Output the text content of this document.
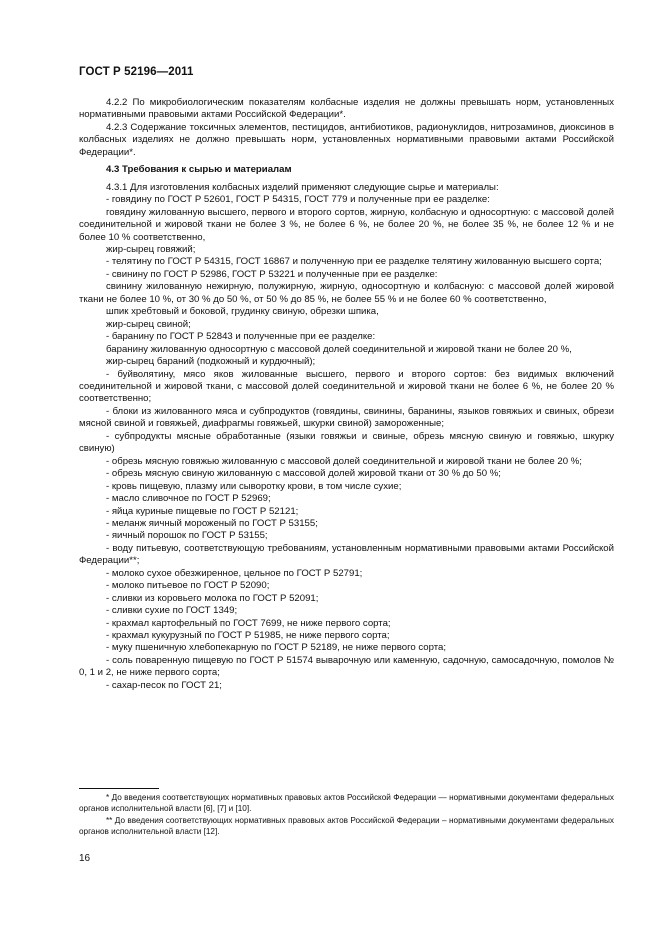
ГОСТ Р 52196—2011

4.2.2 По микробиологическим показателям колбасные изделия не должны превышать норм, установленных нормативными правовыми актами Российской Федерации*.

4.2.3 Содержание токсичных элементов, пестицидов, антибиотиков, радионуклидов, нитрозаминов, диоксинов в колбасных изделиях не должно превышать норм, установленных нормативными правовыми актами Российской Федерации*.

4.3 Требования к сырью и материалам

4.3.1 Для изготовления колбасных изделий применяют следующие сырье и материалы:

- говядину по ГОСТ Р 52601, ГОСТ Р 54315, ГОСТ 779 и полученные при ее разделке:

говядину жилованную высшего, первого и второго сортов, жирную, колбасную и односортную: с массовой долей соединительной и жировой ткани не более 3 %, не более 6 %, не более 20 %, не более 35 %, не более 12 % и не более 10 % соответственно,

жир-сырец говяжий;

- телятину по ГОСТ Р 54315, ГОСТ 16867 и полученную при ее разделке телятину жилованную высшего сорта;

- свинину по ГОСТ Р 52986, ГОСТ Р 53221 и полученные при ее разделке:

свинину жилованную нежирную, полужирную, жирную, односортную и колбасную: с массовой долей жировой ткани не более 10 %, от 30 % до 50 %, от 50 % до 85 %, не более 55 % и не более 60 % соответственно,

шпик хребтовый и боковой, грудинку свиную, обрезки шпика,

жир-сырец свиной;

- баранину по ГОСТ Р 52843 и полученные при ее разделке:

баранину жилованную односортную с массовой долей соединительной и жировой ткани не более 20 %,

жир-сырец бараний (подкожный и курдючный);

- буйволятину, мясо яков жилованные высшего, первого и второго сортов: без видимых включений соединительной и жировой ткани, с массовой долей соединительной и жировой ткани не более 6 %, не более 20 % соответственно;

- блоки из жилованного мяса и субпродуктов (говядины, свинины, баранины, языков говяжьих и свиных, обрези мясной свиной и говяжьей, диафрагмы говяжьей, шкурки свиной) замороженные;

- субпродукты мясные обработанные (языки говяжьи и свиные, обрезь мясную свиную и говяжью, шкурку свиную)

- обрезь мясную говяжью жилованную с массовой долей соединительной и жировой ткани не более 20 %;

- обрезь мясную свиную жилованную с массовой долей жировой ткани от 30 % до 50 %;

- кровь пищевую, плазму или сыворотку крови, в том числе сухие;

- масло сливочное по ГОСТ Р 52969;

- яйца куриные пищевые по ГОСТ Р 52121;

- меланж яичный мороженый по ГОСТ Р 53155;

- яичный порошок по ГОСТ Р 53155;

- воду питьевую, соответствующую требованиям, установленным нормативными правовыми актами Российской Федерации**;

- молоко сухое обезжиренное, цельное по ГОСТ Р 52791;

- молоко питьевое по ГОСТ Р 52090;

- сливки из коровьего молока по ГОСТ Р 52091;

- сливки сухие по ГОСТ 1349;

- крахмал картофельный по ГОСТ 7699, не ниже первого сорта;

- крахмал кукурузный по ГОСТ Р 51985, не ниже первого сорта;

- муку пшеничную хлебопекарную по ГОСТ Р 52189, не ниже первого сорта;

- соль поваренную пищевую по ГОСТ Р 51574 выварочную или каменную, садочную, самосадочную, помолов № 0, 1 и 2, не ниже первого сорта;

- сахар-песок по ГОСТ 21;

* До введения соответствующих нормативных правовых актов Российской Федерации — нормативными документами федеральных органов исполнительной власти [6], [7] и [10].

** До введения соответствующих нормативных правовых актов Российской Федерации – нормативными документами федеральных органов исполнительной власти [12].

16
